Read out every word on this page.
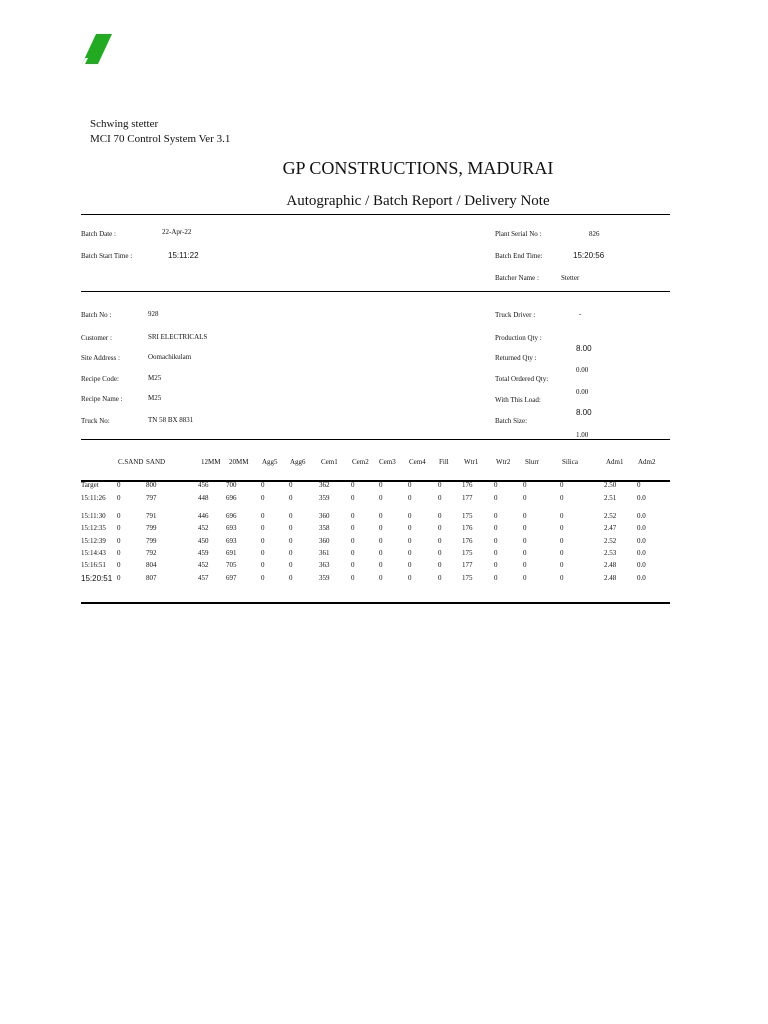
Schwing stetter
MCI 70 Control System Ver 3.1
GP CONSTRUCTIONS, MADURAI
Autographic / Batch Report / Delivery Note
Batch Date :	22-Apr-22
Batch Start Time :	15:11:22
Plant Serial No :	826
Batch End Time:	15:20:56
Batcher Name :	Stetter
Batch No :	928
Customer :	SRI ELECTRICALS
Site Address :	Oomachikulam
Recipe Code:	M25
Recipe Name :	M25
Truck No:	TN 58 BX 8831
Truck Driver :	-
Production Qty :
8.00
Returned Qty :
0.00
Total Ordered Qty:
0.00
With This Load:
8.00
Batch Size:
1.00
C.SAND SAND	12MM 20MM Agg5 Agg6 Cem1 Cem2 Cem3 Cem4 Fill Wtr1	Wtr2 Slurr	Silica	Adm1 Adm2
Target	0	800	456	700	0	0	362	0	0	0	0	176	0	0	0	2.50	0
15:11:26 0	797	448	696	0	0	359	0	0	0	0	177	0	0	0	2.51	0.0
15:11:30 0	791	446	696	0	0	360	0	0	0	0	175	0	0	0	2.52	0.0
15:12:35 0	799	452	693	0	0	358	0	0	0	0	176	0	0	0	2.47	0.0
15:12:39 0	799	450	693	0	0	360	0	0	0	0	176	0	0	0	2.52	0.0
15:14:43 0	792	459	691	0	0	361	0	0	0	0	175	0	0	0	2.53	0.0
15:16:51 0	804	452	705	0	0	363	0	0	0	0	177	0	0	0	2.48	0.0
15:20:51 0	807	457	697	0	0	359	0	0	0	0	175	0	0	0	2.48	0.0
